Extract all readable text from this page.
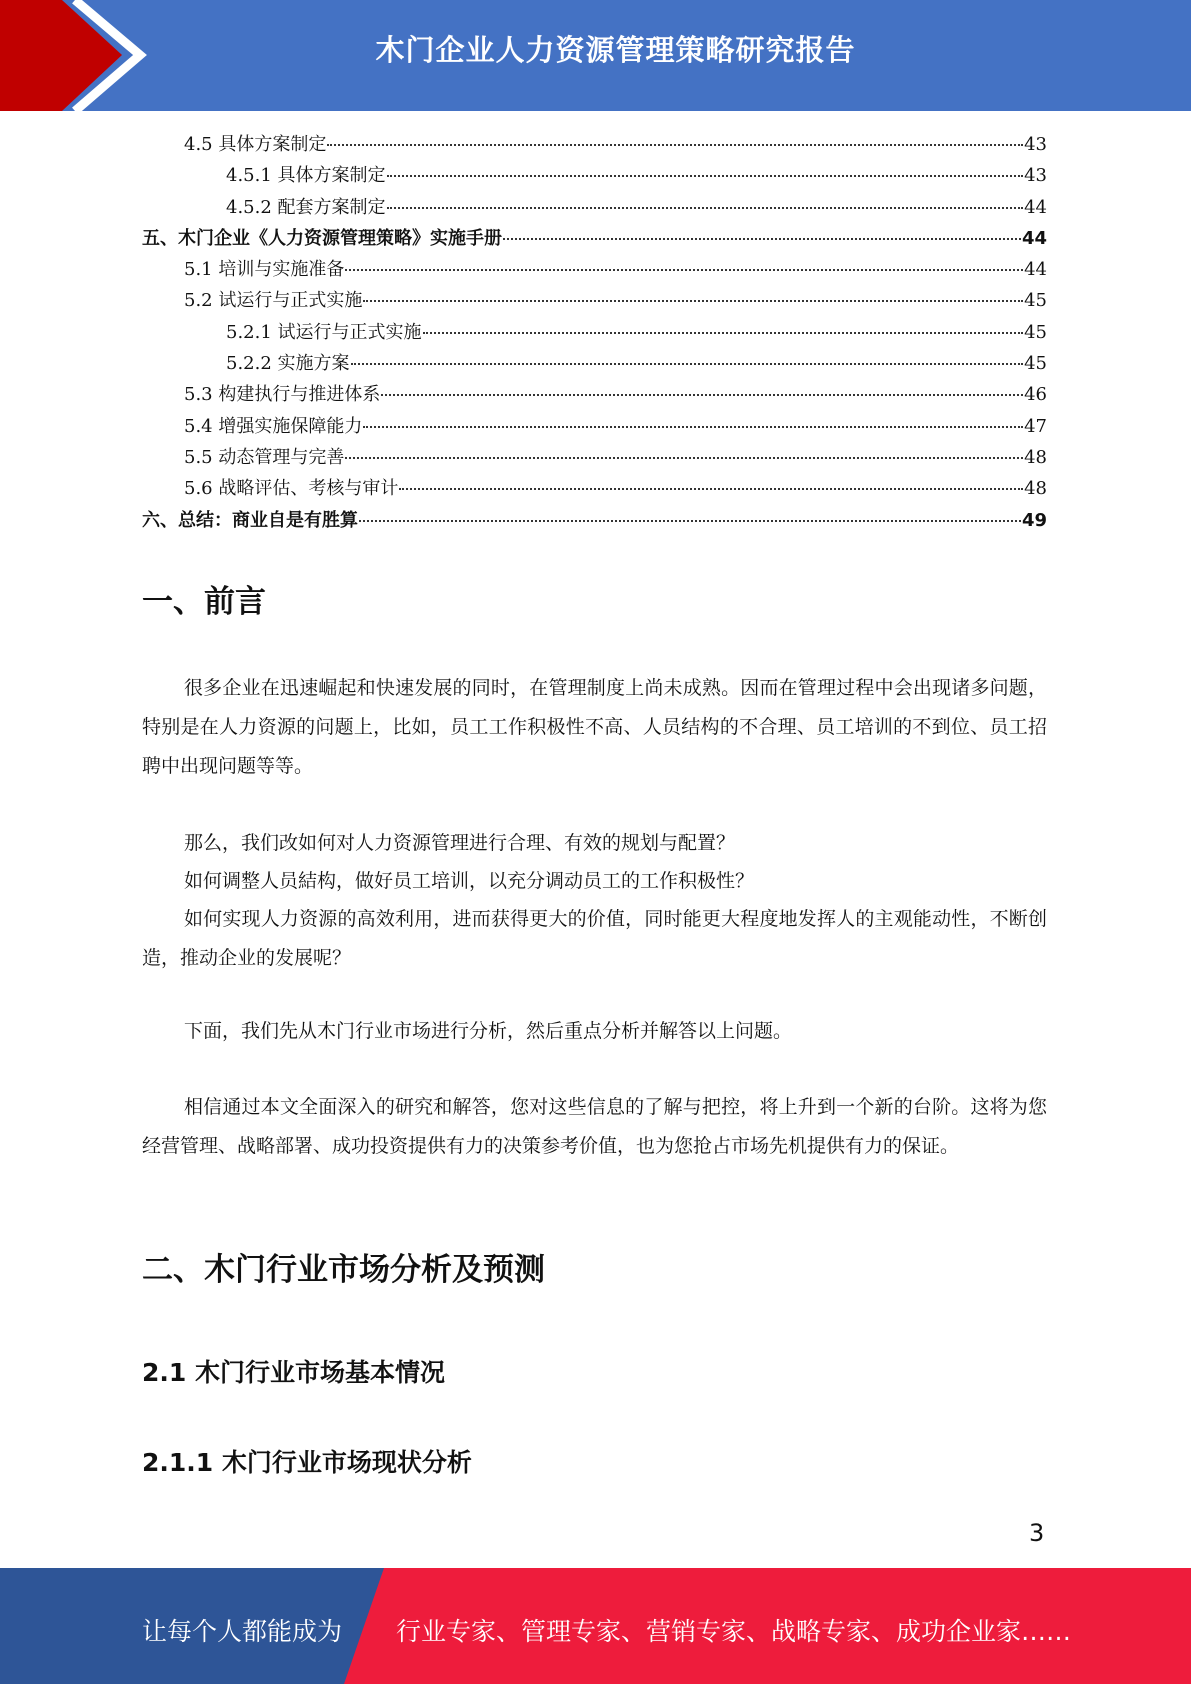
木门企业人力资源管理策略研究报告
4.5 具体方案制定	43
4.5.1 具体方案制定	43
4.5.2 配套方案制定	44
五、木门企业《人力资源管理策略》实施手册	44
5.1 培训与实施准备	44
5.2 试运行与正式实施	45
5.2.1 试运行与正式实施	45
5.2.2 实施方案	45
5.3 构建执行与推进体系	46
5.4 增强实施保障能力	47
5.5 动态管理与完善	48
5.6 战略评估、考核与审计	48
六、总结：商业自是有胜算	49
一、前言
很多企业在迅速崛起和快速发展的同时，在管理制度上尚未成熟。因而在管理过程中会出现诸多问题，特别是在人力资源的问题上，比如，员工工作积极性不高、人员结构的不合理、员工培训的不到位、员工招聘中出现问题等等。
那么，我们改如何对人力资源管理进行合理、有效的规划与配置？
如何调整人员結构，做好员工培训，以充分调动员工的工作积极性？
如何实现人力资源的高效利用，进而获得更大的价值，同时能更大程度地发挥人的主观能动性，不断创造，推动企业的发展呢？
下面，我们先从木门行业市场进行分析，然后重点分析并解答以上问题。
相信通过本文全面深入的研究和解答，您对这些信息的了解与把控，将上升到一个新的台阶。这将为您经营管理、战略部署、成功投资提供有力的决策参考价值，也为您抢占市场先机提供有力的保证。
二、木门行业市场分析及预测
2.1 木门行业市场基本情况
2.1.1 木门行业市场现状分析
3
让每个人都能成为 行业专家、管理专家、营销专家、战略专家、成功企业家……
